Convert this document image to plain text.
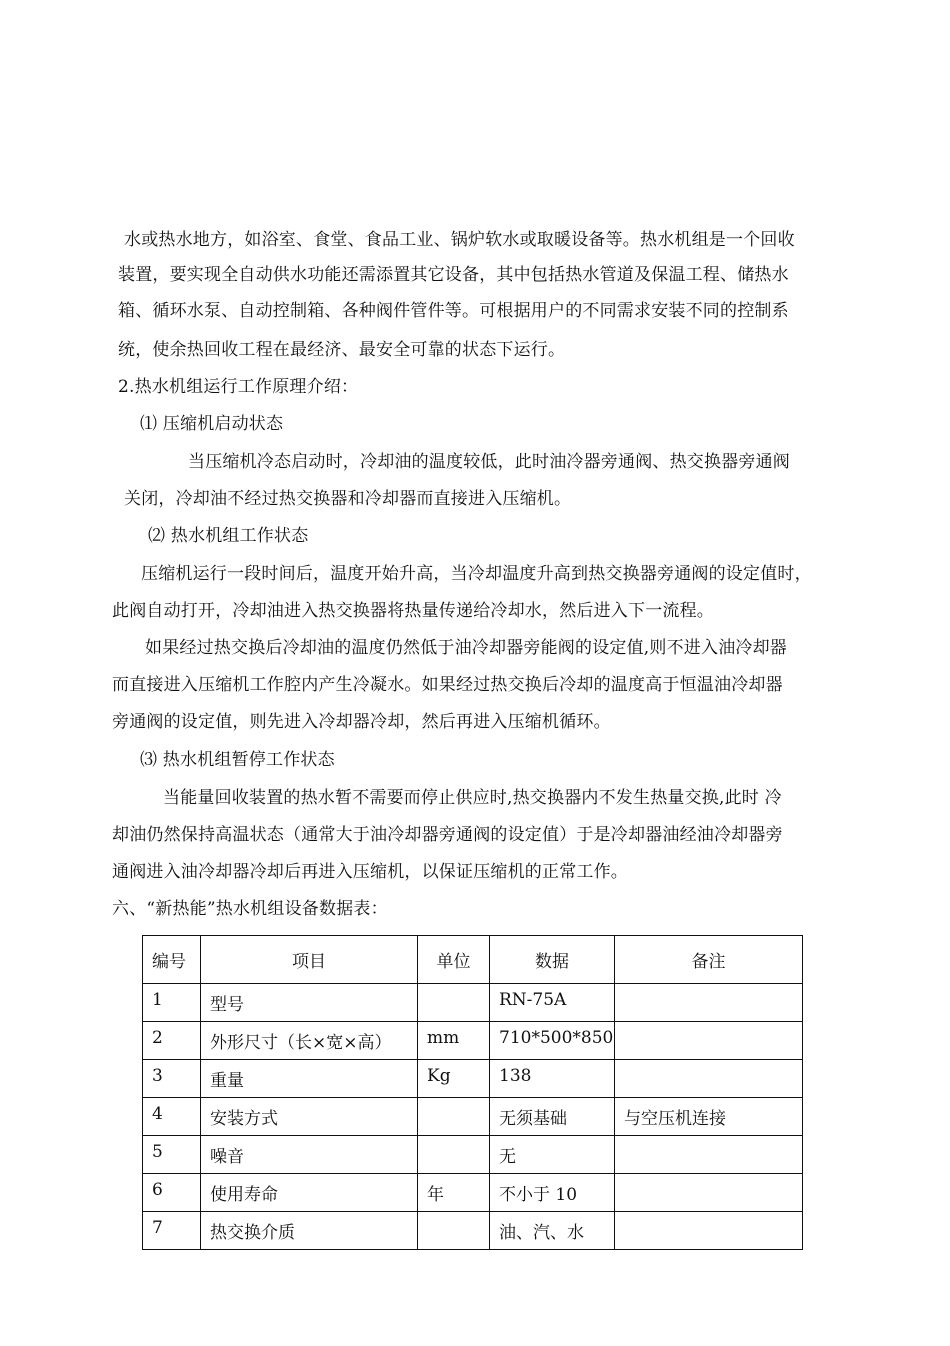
水或热水地方，如浴室、食堂、食品工业、锅炉软水或取暖设备等。热水机组是一个回收
装置，要实现全自动供水功能还需添置其它设备，其中包括热水管道及保温工程、储热水
箱、循环水泵、自动控制箱、各种阀件管件等。可根据用户的不同需求安装不同的控制系
统，使余热回收工程在最经济、最安全可靠的状态下运行。
2.热水机组运行工作原理介绍：
⑴ 压缩机启动状态
当压缩机冷态启动时，冷却油的温度较低，此时油冷器旁通阀、热交换器旁通阀
关闭，冷却油不经过热交换器和冷却器而直接进入压缩机。
⑵ 热水机组工作状态
压缩机运行一段时间后，温度开始升高，当冷却温度升高到热交换器旁通阀的设定值时，
此阀自动打开，冷却油进入热交换器将热量传递给冷却水，然后进入下一流程。
如果经过热交换后冷却油的温度仍然低于油冷却器旁能阀的设定值,则不进入油冷却器
而直接进入压缩机工作腔内产生冷凝水。如果经过热交换后冷却的温度高于恒温油冷却器
旁通阀的设定值，则先进入冷却器冷却，然后再进入压缩机循环。
⑶ 热水机组暂停工作状态
当能量回收装置的热水暂不需要而停止供应时,热交换器内不发生热量交换,此时 冷
却油仍然保持高温状态（通常大于油冷却器旁通阀的设定值）于是冷却器油经油冷却器旁
通阀进入油冷却器冷却后再进入压缩机，以保证压缩机的正常工作。
六、“新热能”热水机组设备数据表：
编号	项目	单位	数据	备注
1	型号		RN-75A	
2	外形尺寸（长×宽×高）	mm	710*500*850	
3	重量	Kg	138	
4	安装方式		无须基础	与空压机连接
5	噪音		无	
6	使用寿命	年	不小于 10	
7	热交换介质		油、汽、水	
